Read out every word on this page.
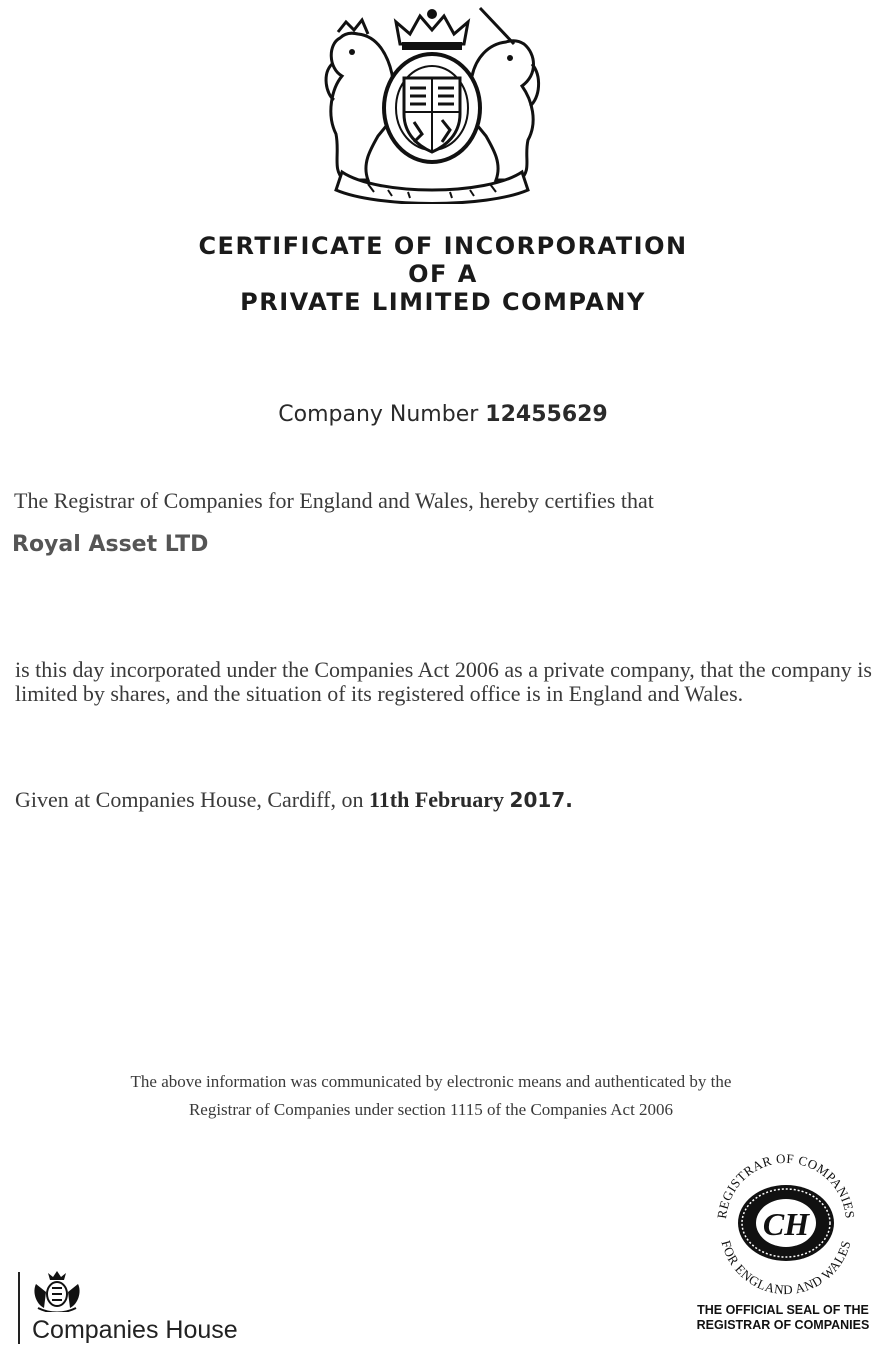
CERTIFICATE OF INCORPORATION
OF A
PRIVATE LIMITED COMPANY
Company Number 12455629
The Registrar of Companies for England and Wales, hereby certifies that
Royal Asset LTD
is this day incorporated under the Companies Act 2006 as a private company, that the company is limited by shares, and the situation of its registered office is in England and Wales.
Given at Companies House, Cardiff, on 11th February 2017.
The above information was communicated by electronic means and authenticated by the
Registrar of Companies under section 1115 of the Companies Act 2006
REGISTRAR OF COMPANIES
FOR ENGLAND AND WALES
CH
THE OFFICIAL SEAL OF THE
REGISTRAR OF COMPANIES
Companies House
